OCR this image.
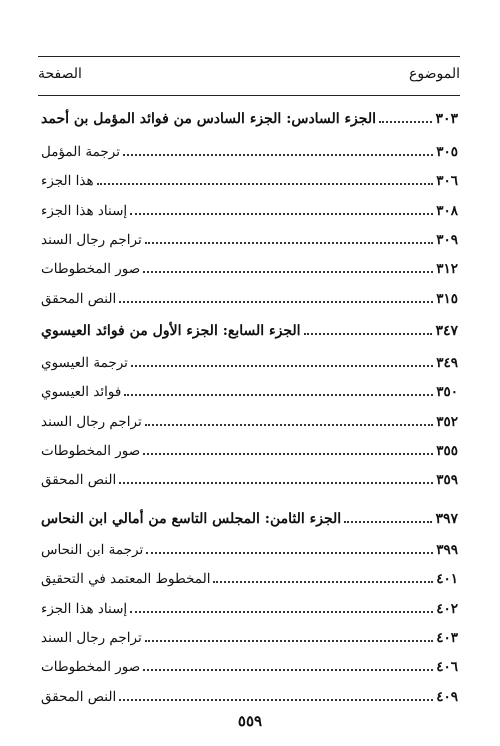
الموضوع
الصفحة
الجزء السادس: الجزء السادس من فوائد المؤمل بن أحمد	٣٠٣
ترجمة المؤمل	٣٠٥
هذا الجزء	٣٠٦
إسناد هذا الجزء	٣٠٨
تراجم رجال السند	٣٠٩
صور المخطوطات	٣١٢
النص المحقق	٣١٥
الجزء السابع: الجزء الأول من فوائد العيسوي	٣٤٧
ترجمة العيسوي	٣٤٩
فوائد العيسوي	٣٥٠
تراجم رجال السند	٣٥٢
صور المخطوطات	٣٥٥
النص المحقق	٣٥٩
الجزء الثامن: المجلس التاسع من أمالي ابن النحاس	٣٩٧
ترجمة ابن النحاس	٣٩٩
المخطوط المعتمد في التحقيق	٤٠١
إسناد هذا الجزء	٤٠٢
تراجم رجال السند	٤٠٣
صور المخطوطات	٤٠٦
النص المحقق	٤٠٩
٥٥٩
